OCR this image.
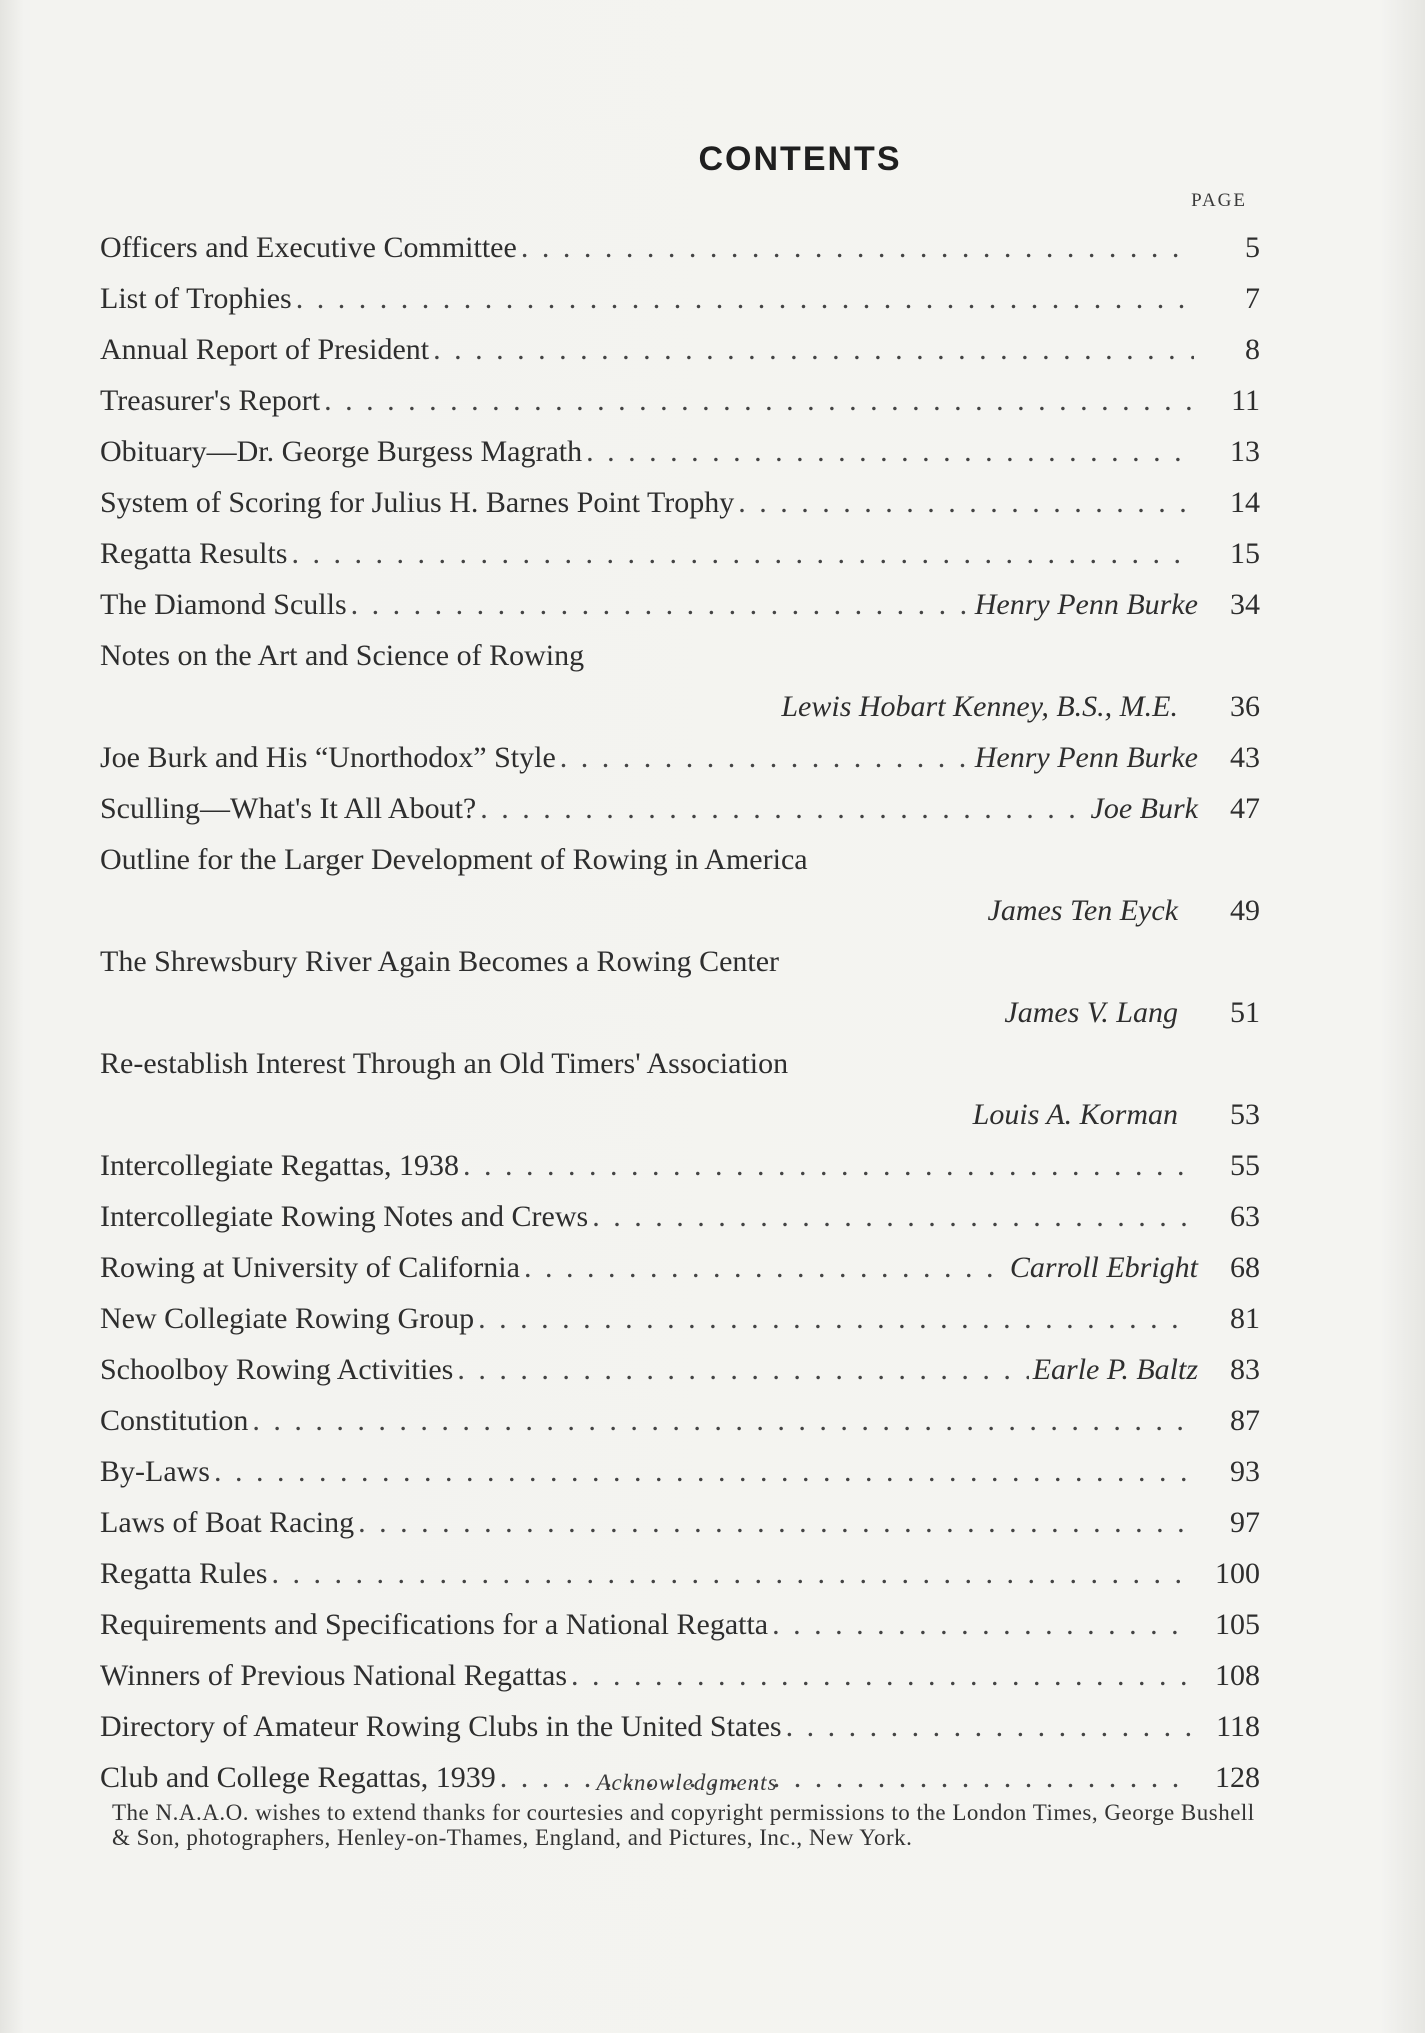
CONTENTS
PAGE
Officers and Executive Committee . . .	5
List of Trophies . . .	7
Annual Report of President . . .	8
Treasurer's Report . . .	11
Obituary—Dr. George Burgess Magrath . . .	13
System of Scoring for Julius H. Barnes Point Trophy . . .	14
Regatta Results . . .	15
The Diamond Sculls . . .	Henry Penn Burke	34
Notes on the Art and Science of Rowing
Lewis Hobart Kenney, B.S., M.E.	36
Joe Burk and His “Unorthodox” Style . . .	Henry Penn Burke	43
Sculling—What's It All About? . . .	Joe Burk	47
Outline for the Larger Development of Rowing in America
James Ten Eyck	49
The Shrewsbury River Again Becomes a Rowing Center
James V. Lang	51
Re-establish Interest Through an Old Timers' Association
Louis A. Korman	53
Intercollegiate Regattas, 1938 . . .	55
Intercollegiate Rowing Notes and Crews . . .	63
Rowing at University of California . . .	Carroll Ebright	68
New Collegiate Rowing Group . . .	81
Schoolboy Rowing Activities . . .	Earle P. Baltz	83
Constitution . . .	87
By-Laws . . .	93
Laws of Boat Racing . . .	97
Regatta Rules . . .	100
Requirements and Specifications for a National Regatta . . .	105
Winners of Previous National Regattas . . .	108
Directory of Amateur Rowing Clubs in the United States . . .	118
Club and College Regattas, 1939 . . .	128
Acknowledgments
The N.A.A.O. wishes to extend thanks for courtesies and copyright permissions to the London Times, George Bushell & Son, photographers, Henley-on-Thames, England, and Pictures, Inc., New York.
